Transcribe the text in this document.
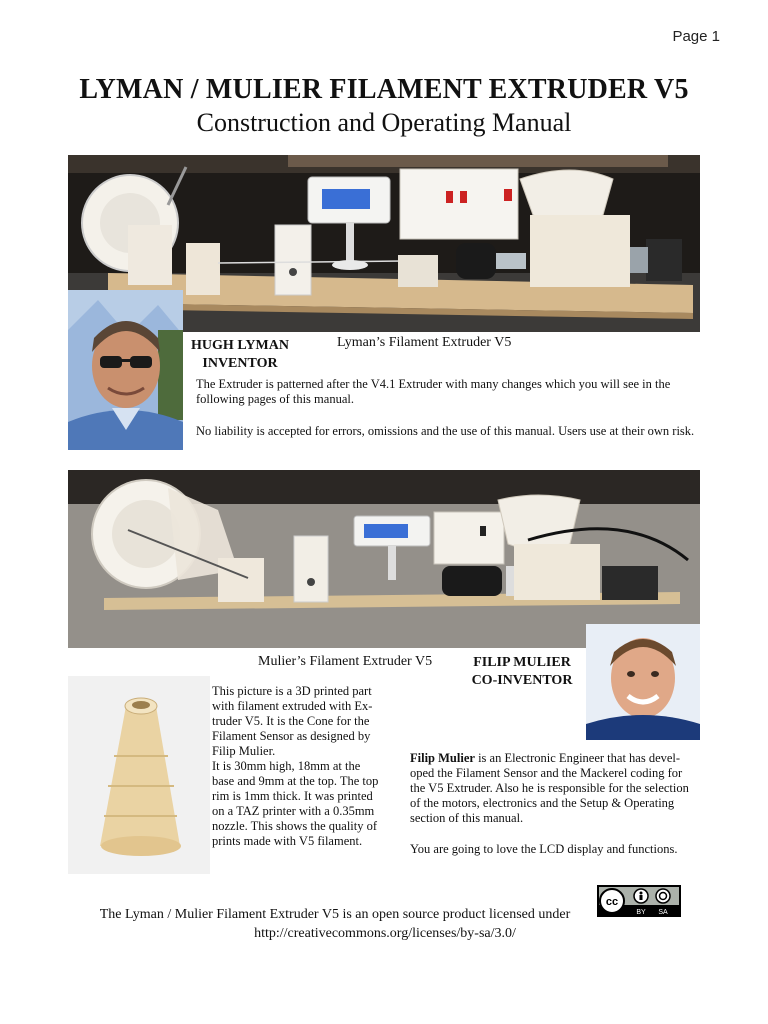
Page 1
LYMAN / MULIER FILAMENT EXTRUDER V5
Construction and Operating Manual
HUGH LYMAN
INVENTOR
Lyman’s Filament Extruder V5
The Extruder is patterned after the V4.1 Extruder with many changes which you will see in the following pages of this manual.
No liability is accepted for errors, omissions and the use of this manual. Users use at their own risk.
Mulier’s Filament Extruder V5	FILIP MULIER
CO-INVENTOR
This picture is a 3D printed part
with filament extruded with Ex-
truder V5. It is the Cone for the
Filament Sensor as designed by
Filip Mulier.
It is 30mm high, 18mm at the
base and 9mm at the top. The top
rim is 1mm thick. It was printed
on a TAZ printer with a 0.35mm
nozzle. This shows the quality of
prints made with V5 filament.
Filip Mulier is an Electronic Engineer that has devel-
oped the Filament Sensor and the Mackerel coding for
the V5 Extruder. Also he is responsible for the selection
of the motors, electronics and the Setup & Operating
section of this manual.
You are going to love the LCD display and functions.
The Lyman / Mulier Filament Extruder V5 is an open source product licensed under
http://creativecommons.org/licenses/by-sa/3.0/
cc
BY SA
